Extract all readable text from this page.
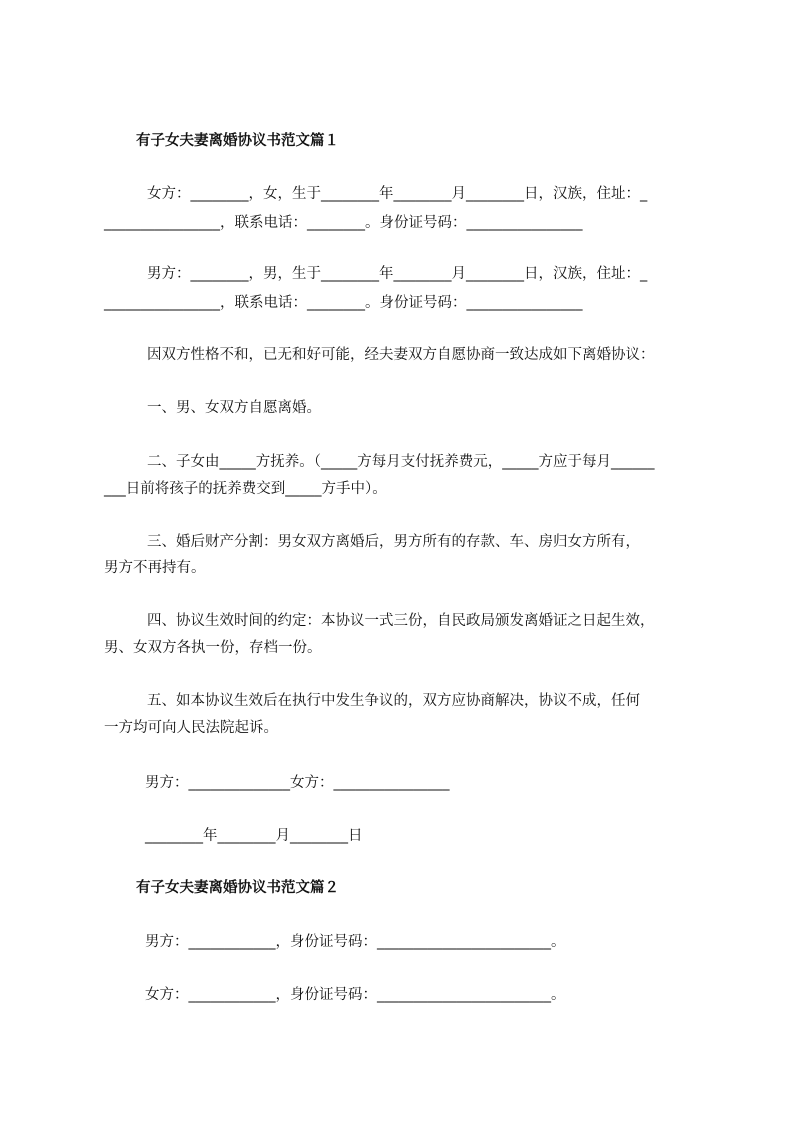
有子女夫妻离婚协议书范文篇１
女方：________，女，生于________年________月________日，汉族，住址：_
________________，联系电话：________。身份证号码：________________
男方：________，男，生于________年________月________日，汉族，住址：_
________________，联系电话：________。身份证号码：________________
因双方性格不和，已无和好可能，经夫妻双方自愿协商一致达成如下离婚协议：
一、男、女双方自愿离婚。
二、子女由_____方抚养。（_____方每月支付抚养费元，_____方应于每月______
___日前将孩子的抚养费交到_____方手中）。
三、婚后财产分割：男女双方离婚后，男方所有的存款、车、房归女方所有，
男方不再持有。
四、协议生效时间的约定：本协议一式三份，自民政局颁发离婚证之日起生效，
男、女双方各执一份，存档一份。
五、如本协议生效后在执行中发生争议的，双方应协商解决，协议不成，任何
一方均可向人民法院起诉。
男方：______________女方：________________
________年________月________日
有子女夫妻离婚协议书范文篇２
男方：____________，身份证号码：________________________。
女方：____________，身份证号码：________________________。
